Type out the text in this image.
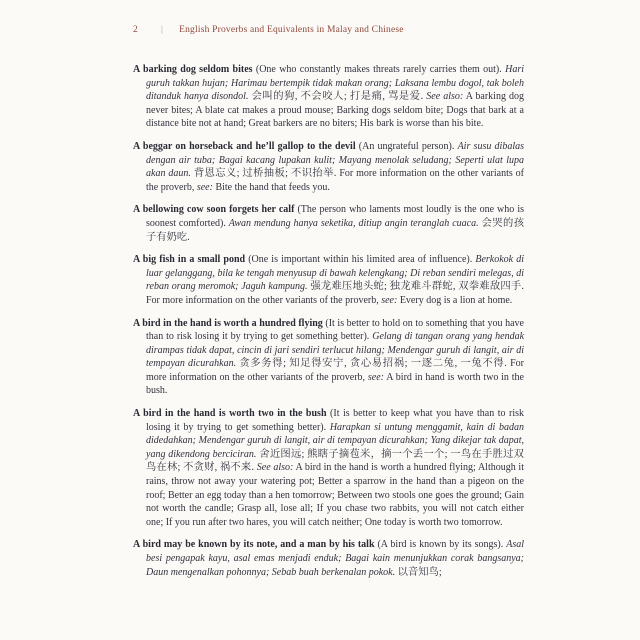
2	| English Proverbs and Equivalents in Malay and Chinese

A barking dog seldom bites (One who constantly makes threats rarely carries them out). Hari guruh takkan hujan; Harimau bertempik tidak makan orang; Laksana lembu dogol, tak boleh ditanduk hanya disondol. 会叫的狗, 不会咬人; 打是痛, 骂是爱. See also: A barking dog never bites; A blate cat makes a proud mouse; Barking dogs seldom bite; Dogs that bark at a distance bite not at hand; Great barkers are no biters; His bark is worse than his bite.

A beggar on horseback and he’ll gallop to the devil (An ungrateful person). Air susu dibalas dengan air tuba; Bagai kacang lupakan kulit; Mayang menolak seludang; Seperti ulat lupa akan daun. 背恩忘义; 过桥抽板; 不识抬举. For more information on the other variants of the proverb, see: Bite the hand that feeds you.

A bellowing cow soon forgets her calf (The person who laments most loudly is the one who is soonest comforted). Awan mendung hanya seketika, ditiup angin teranglah cuaca. 会哭的孩子有奶吃.

A big fish in a small pond (One is important within his limited area of influence). Berkokok di luar gelanggang, bila ke tengah menyusup di bawah kelengkang; Di reban sendiri melegas, di reban orang meromok; Jaguh kampung. 强龙难压地头蛇; 独龙难斗群蛇, 双拳难敌四手. For more information on the other variants of the proverb, see: Every dog is a lion at home.

A bird in the hand is worth a hundred flying (It is better to hold on to something that you have than to risk losing it by trying to get something better). Gelang di tangan orang yang hendak dirampas tidak dapat, cincin di jari sendiri terlucut hilang; Mendengar guruh di langit, air di tempayan dicurahkan. 贪多务得; 知足得安宁, 贪心易招祸; 一逐二兔, 一兔不得. For more information on the other variants of the proverb, see: A bird in hand is worth two in the bush.

A bird in the hand is worth two in the bush (It is better to keep what you have than to risk losing it by trying to get something better). Harapkan si untung menggamit, kain di badan didedahkan; Mendengar guruh di langit, air di tempayan dicurahkan; Yang dikejar tak dapat, yang dikendong berciciran. 舍近图远; 熊瞎子摘苞米，摘一个丢一个; 一鸟在手胜过双鸟在林; 不贪财, 祸不来. See also: A bird in the hand is worth a hundred flying; Although it rains, throw not away your watering pot; Better a sparrow in the hand than a pigeon on the roof; Better an egg today than a hen tomorrow; Between two stools one goes the ground; Gain not worth the candle; Grasp all, lose all; If you chase two rabbits, you will not catch either one; If you run after two hares, you will catch neither; One today is worth two tomorrow.

A bird may be known by its note, and a man by his talk (A bird is known by its songs). Asal besi pengapak kayu, asal emas menjadi enduk; Bagai kain menunjukkan corak bangsanya; Daun mengenalkan pohonnya; Sebab buah berkenalan pokok. 以音知鸟;
